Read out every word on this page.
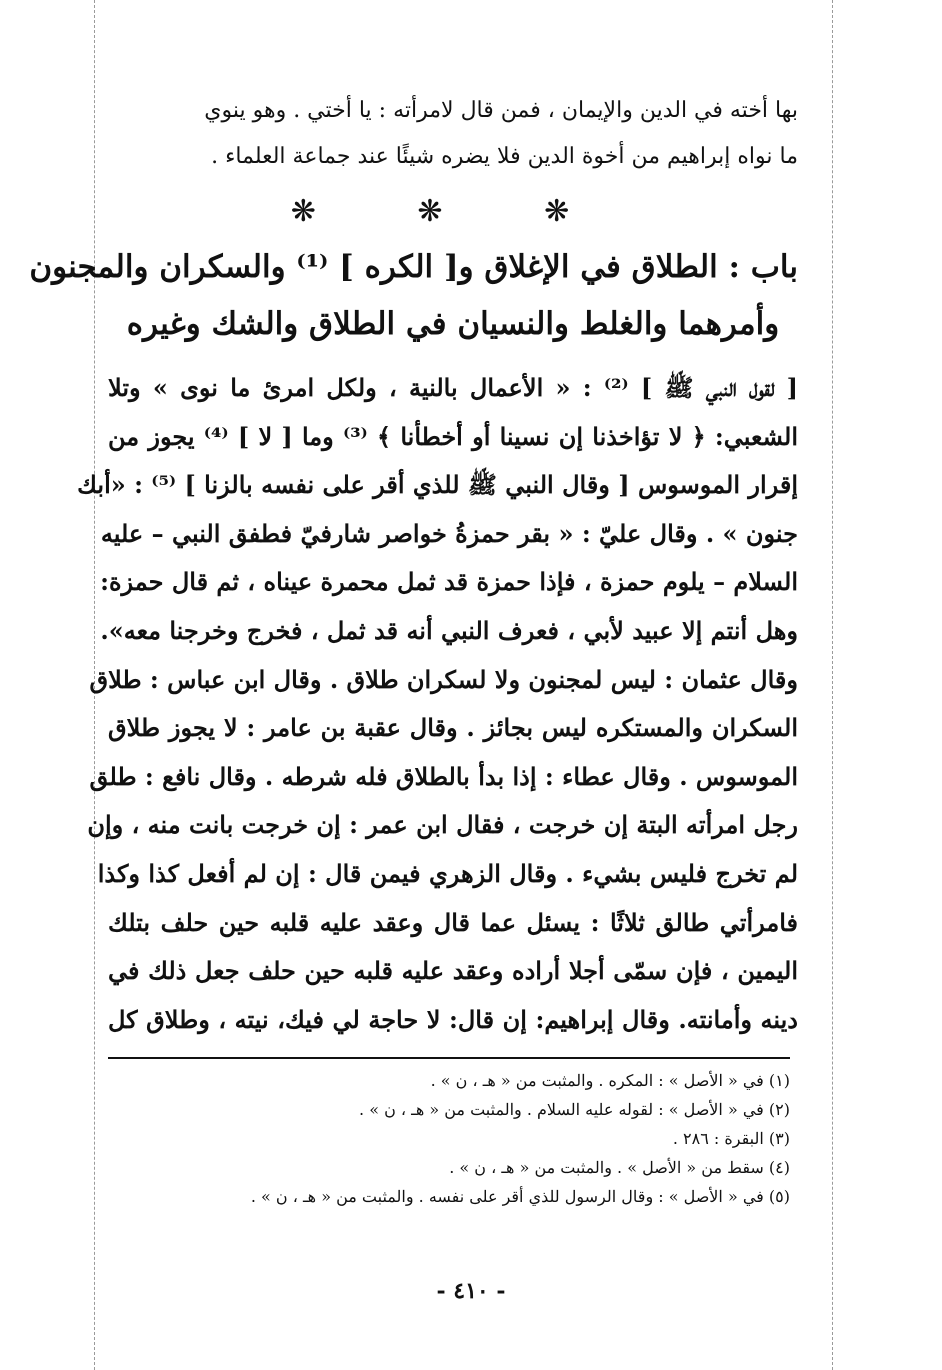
بها أخته في الدين والإيمان ، فمن قال لامرأته : يا أختي . وهو ينوي

ما نواه إبراهيم من أخوة الدين فلا يضره شيئًا عند جماعة العلماء .

❋ ❋ ❋
باب : الطلاق في الإغلاق و[ الكره ] ⁽¹⁾ والسكران والمجنون
وأمرهما والغلط والنسيان في الطلاق والشك وغيره

[ لقول النبي ﷺ ] ⁽²⁾ : « الأعمال بالنية ، ولكل امرئ ما نوى » وتلا

الشعبي: ﴿ لا تؤاخذنا إن نسينا أو أخطأنا ﴾ ⁽³⁾ وما [ لا ] ⁽⁴⁾ يجوز من

إقرار الموسوس [ وقال النبي ﷺ للذي أقر على نفسه بالزنا ] ⁽⁵⁾ : «أبك

جنون » . وقال عليّ : « بقر حمزةُ خواصر شارفيّ فطفق النبي – عليه

السلام – يلوم حمزة ، فإذا حمزة قد ثمل محمرة عيناه ، ثم قال حمزة:

وهل أنتم إلا عبيد لأبي ، فعرف النبي أنه قد ثمل ، فخرج وخرجنا معه».

وقال عثمان : ليس لمجنون ولا لسكران طلاق . وقال ابن عباس : طلاق

السكران والمستكره ليس بجائز . وقال عقبة بن عامر : لا يجوز طلاق

الموسوس . وقال عطاء : إذا بدأ بالطلاق فله شرطه . وقال نافع : طلق

رجل امرأته البتة إن خرجت ، فقال ابن عمر : إن خرجت بانت منه ، وإن

لم تخرج فليس بشيء . وقال الزهري فيمن قال : إن لم أفعل كذا وكذا

فامرأتي طالق ثلاثًا : يسئل عما قال وعقد عليه قلبه حين حلف بتلك

اليمين ، فإن سمّى أجلا أراده وعقد عليه قلبه حين حلف جعل ذلك في

دينه وأمانته. وقال إبراهيم: إن قال: لا حاجة لي فيك، نيته ، وطلاق كل

(١) في « الأصل » : المكره . والمثبت من « هـ ، ن » .
(٢) في « الأصل » : لقوله عليه السلام . والمثبت من « هـ ، ن » .
(٣) البقرة : ٢٨٦ .
(٤) سقط من « الأصل » . والمثبت من « هـ ، ن » .
(٥) في « الأصل » : وقال الرسول للذي أقر على نفسه . والمثبت من « هـ ، ن » .
- ٤١٠ -
